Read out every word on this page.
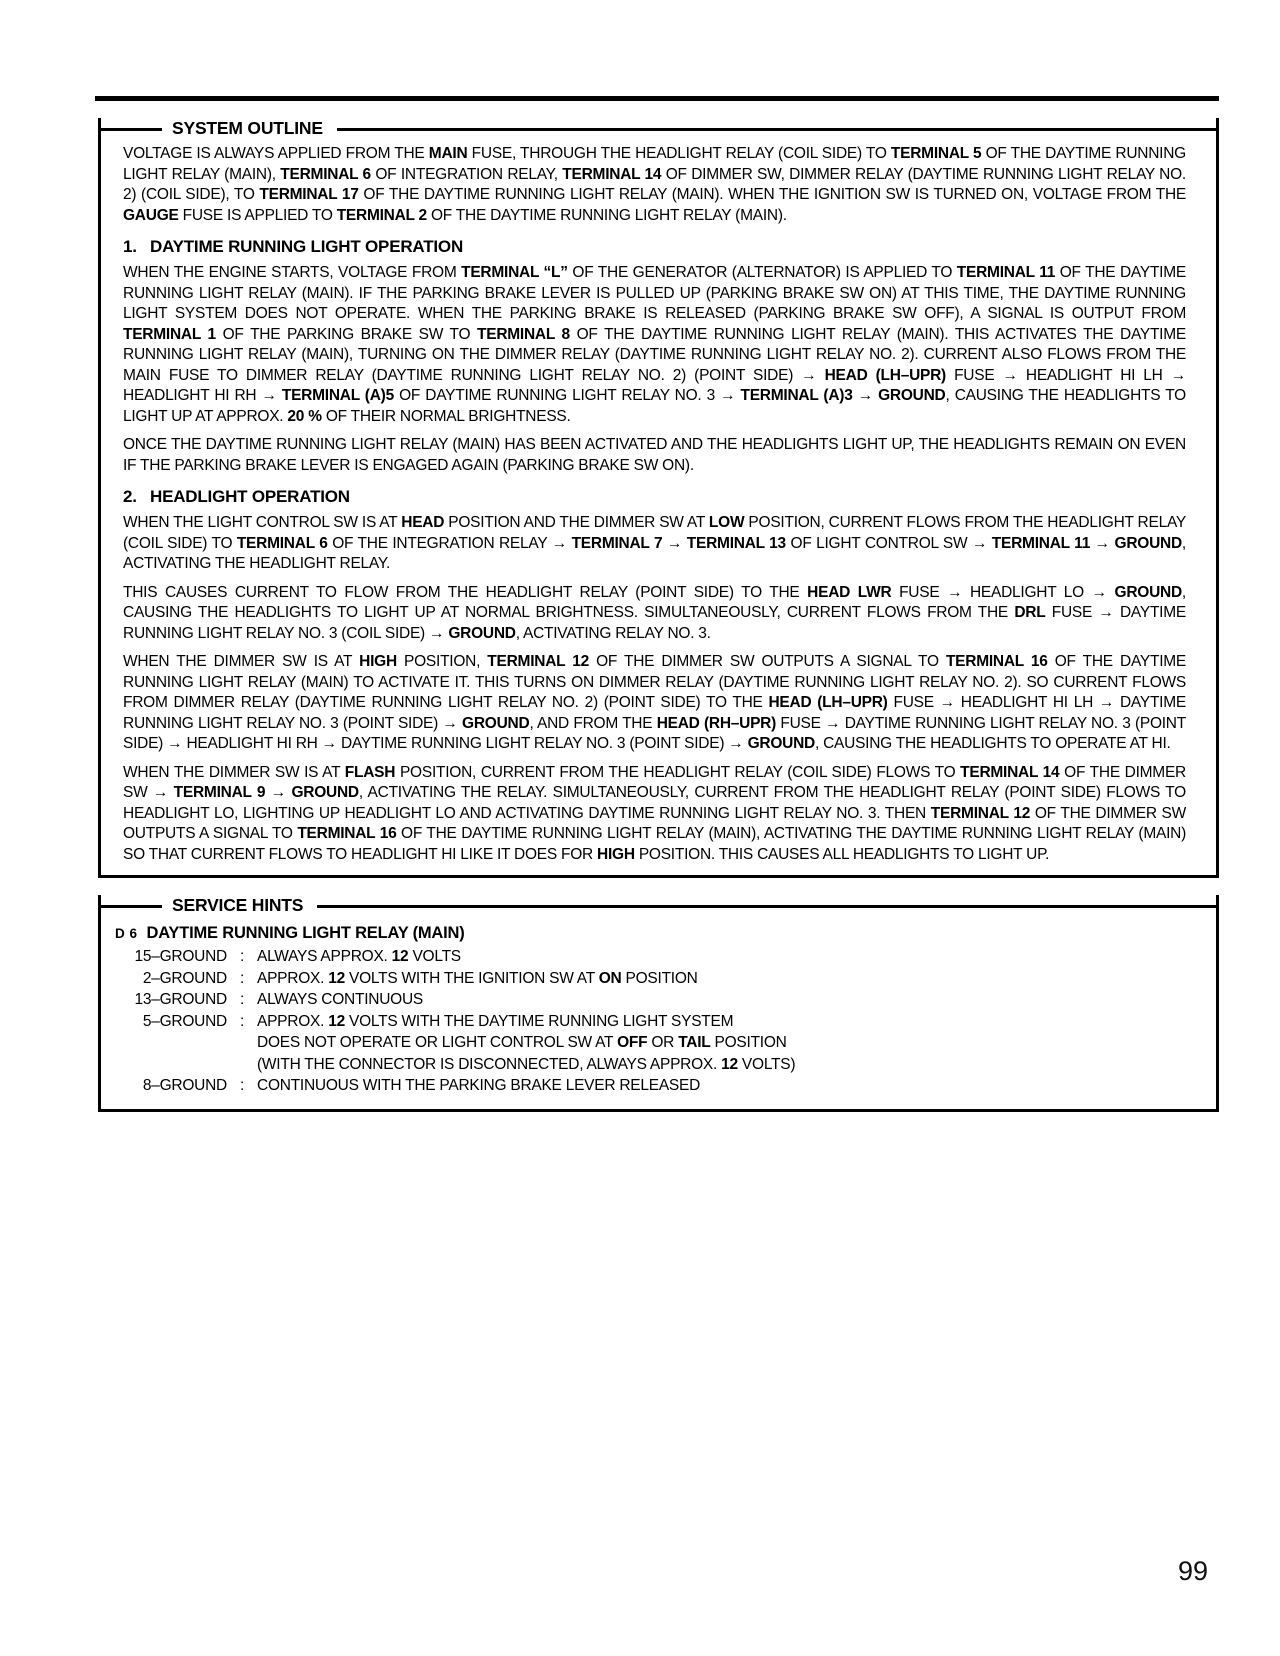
SYSTEM OUTLINE

VOLTAGE IS ALWAYS APPLIED FROM THE MAIN FUSE, THROUGH THE HEADLIGHT RELAY (COIL SIDE) TO TERMINAL 5 OF THE DAYTIME RUNNING LIGHT RELAY (MAIN), TERMINAL 6 OF INTEGRATION RELAY, TERMINAL 14 OF DIMMER SW, DIMMER RELAY (DAYTIME RUNNING LIGHT RELAY NO. 2) (COIL SIDE), TO TERMINAL 17 OF THE DAYTIME RUNNING LIGHT RELAY (MAIN). WHEN THE IGNITION SW IS TURNED ON, VOLTAGE FROM THE GAUGE FUSE IS APPLIED TO TERMINAL 2 OF THE DAYTIME RUNNING LIGHT RELAY (MAIN).

1. DAYTIME RUNNING LIGHT OPERATION

WHEN THE ENGINE STARTS, VOLTAGE FROM TERMINAL “L” OF THE GENERATOR (ALTERNATOR) IS APPLIED TO TERMINAL 11 OF THE DAYTIME RUNNING LIGHT RELAY (MAIN). IF THE PARKING BRAKE LEVER IS PULLED UP (PARKING BRAKE SW ON) AT THIS TIME, THE DAYTIME RUNNING LIGHT SYSTEM DOES NOT OPERATE. WHEN THE PARKING BRAKE IS RELEASED (PARKING BRAKE SW OFF), A SIGNAL IS OUTPUT FROM TERMINAL 1 OF THE PARKING BRAKE SW TO TERMINAL 8 OF THE DAYTIME RUNNING LIGHT RELAY (MAIN). THIS ACTIVATES THE DAYTIME RUNNING LIGHT RELAY (MAIN), TURNING ON THE DIMMER RELAY (DAYTIME RUNNING LIGHT RELAY NO. 2). CURRENT ALSO FLOWS FROM THE MAIN FUSE TO DIMMER RELAY (DAYTIME RUNNING LIGHT RELAY NO. 2) (POINT SIDE) → HEAD (LH–UPR) FUSE → HEADLIGHT HI LH → HEADLIGHT HI RH → TERMINAL (A)5 OF DAYTIME RUNNING LIGHT RELAY NO. 3 → TERMINAL (A)3 → GROUND, CAUSING THE HEADLIGHTS TO LIGHT UP AT APPROX. 20 % OF THEIR NORMAL BRIGHTNESS.

ONCE THE DAYTIME RUNNING LIGHT RELAY (MAIN) HAS BEEN ACTIVATED AND THE HEADLIGHTS LIGHT UP, THE HEADLIGHTS REMAIN ON EVEN IF THE PARKING BRAKE LEVER IS ENGAGED AGAIN (PARKING BRAKE SW ON).

2. HEADLIGHT OPERATION

WHEN THE LIGHT CONTROL SW IS AT HEAD POSITION AND THE DIMMER SW AT LOW POSITION, CURRENT FLOWS FROM THE HEADLIGHT RELAY (COIL SIDE) TO TERMINAL 6 OF THE INTEGRATION RELAY → TERMINAL 7 → TERMINAL 13 OF LIGHT CONTROL SW → TERMINAL 11 → GROUND, ACTIVATING THE HEADLIGHT RELAY.

THIS CAUSES CURRENT TO FLOW FROM THE HEADLIGHT RELAY (POINT SIDE) TO THE HEAD LWR FUSE → HEADLIGHT LO → GROUND, CAUSING THE HEADLIGHTS TO LIGHT UP AT NORMAL BRIGHTNESS. SIMULTANEOUSLY, CURRENT FLOWS FROM THE DRL FUSE → DAYTIME RUNNING LIGHT RELAY NO. 3 (COIL SIDE) → GROUND, ACTIVATING RELAY NO. 3.

WHEN THE DIMMER SW IS AT HIGH POSITION, TERMINAL 12 OF THE DIMMER SW OUTPUTS A SIGNAL TO TERMINAL 16 OF THE DAYTIME RUNNING LIGHT RELAY (MAIN) TO ACTIVATE IT. THIS TURNS ON DIMMER RELAY (DAYTIME RUNNING LIGHT RELAY NO. 2). SO CURRENT FLOWS FROM DIMMER RELAY (DAYTIME RUNNING LIGHT RELAY NO. 2) (POINT SIDE) TO THE HEAD (LH–UPR) FUSE → HEADLIGHT HI LH → DAYTIME RUNNING LIGHT RELAY NO. 3 (POINT SIDE) → GROUND, AND FROM THE HEAD (RH–UPR) FUSE → DAYTIME RUNNING LIGHT RELAY NO. 3 (POINT SIDE) → HEADLIGHT HI RH → DAYTIME RUNNING LIGHT RELAY NO. 3 (POINT SIDE) → GROUND, CAUSING THE HEADLIGHTS TO OPERATE AT HI.

WHEN THE DIMMER SW IS AT FLASH POSITION, CURRENT FROM THE HEADLIGHT RELAY (COIL SIDE) FLOWS TO TERMINAL 14 OF THE DIMMER SW → TERMINAL 9 → GROUND, ACTIVATING THE RELAY. SIMULTANEOUSLY, CURRENT FROM THE HEADLIGHT RELAY (POINT SIDE) FLOWS TO HEADLIGHT LO, LIGHTING UP HEADLIGHT LO AND ACTIVATING DAYTIME RUNNING LIGHT RELAY NO. 3. THEN TERMINAL 12 OF THE DIMMER SW OUTPUTS A SIGNAL TO TERMINAL 16 OF THE DAYTIME RUNNING LIGHT RELAY (MAIN), ACTIVATING THE DAYTIME RUNNING LIGHT RELAY (MAIN) SO THAT CURRENT FLOWS TO HEADLIGHT HI LIKE IT DOES FOR HIGH POSITION. THIS CAUSES ALL HEADLIGHTS TO LIGHT UP.

SERVICE HINTS
D 6 DAYTIME RUNNING LIGHT RELAY (MAIN)
15–GROUND : ALWAYS APPROX. 12 VOLTS
2–GROUND : APPROX. 12 VOLTS WITH THE IGNITION SW AT ON POSITION
13–GROUND : ALWAYS CONTINUOUS
5–GROUND : APPROX. 12 VOLTS WITH THE DAYTIME RUNNING LIGHT SYSTEM
DOES NOT OPERATE OR LIGHT CONTROL SW AT OFF OR TAIL POSITION
(WITH THE CONNECTOR IS DISCONNECTED, ALWAYS APPROX. 12 VOLTS)
8–GROUND : CONTINUOUS WITH THE PARKING BRAKE LEVER RELEASED
99
